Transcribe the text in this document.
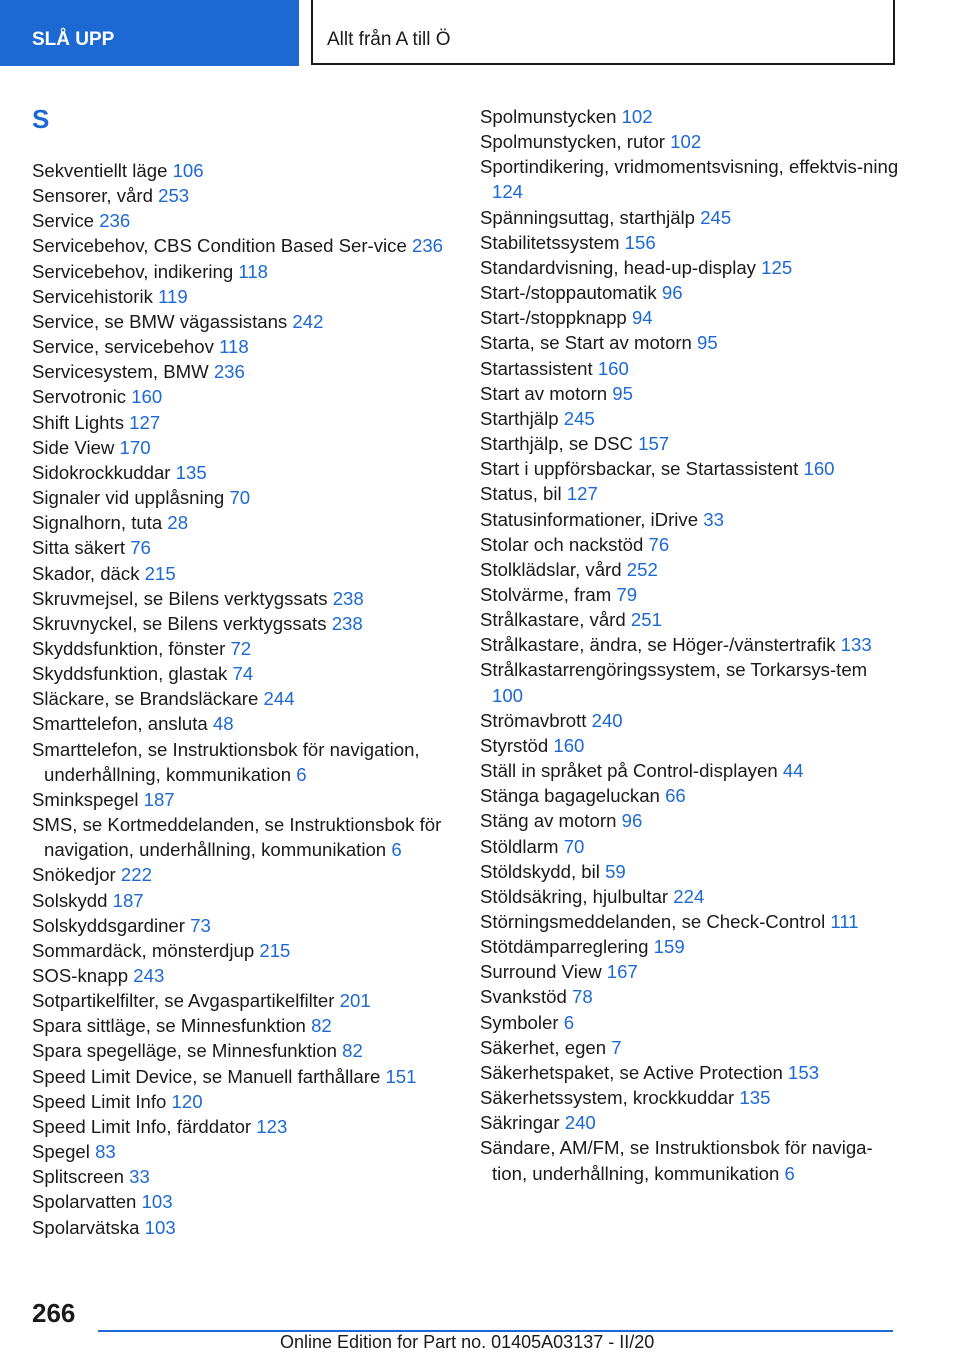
SLÅ UPP	Allt från A till Ö
S
Sekventiellt läge 106
Sensorer, vård 253
Service 236
Servicebehov, CBS Condition Based Ser‐vice 236
Servicebehov, indikering 118
Servicehistorik 119
Service, se BMW vägassistans 242
Service, servicebehov 118
Servicesystem, BMW 236
Servotronic 160
Shift Lights 127
Side View 170
Sidokrockkuddar 135
Signaler vid upplåsning 70
Signalhorn, tuta 28
Sitta säkert 76
Skador, däck 215
Skruvmejsel, se Bilens verktygssats 238
Skruvnyckel, se Bilens verktygssats 238
Skyddsfunktion, fönster 72
Skyddsfunktion, glastak 74
Släckare, se Brandsläckare 244
Smarttelefon, ansluta 48
Smarttelefon, se Instruktionsbok för navigation, underhållning, kommunikation 6
Sminkspegel 187
SMS, se Kortmeddelanden, se Instruktionsbok för navigation, underhållning, kommunikation 6
Snökedjor 222
Solskydd 187
Solskyddsgardiner 73
Sommardäck, mönsterdjup 215
SOS-knapp 243
Sotpartikelfilter, se Avgaspartikelfilter 201
Spara sittläge, se Minnesfunktion 82
Spara spegelläge, se Minnesfunktion 82
Speed Limit Device, se Manuell farthållare 151
Speed Limit Info 120
Speed Limit Info, färddator 123
Spegel 83
Splitscreen 33
Spolarvatten 103
Spolarvätska 103
Spolmunstycken 102
Spolmunstycken, rutor 102
Sportindikering, vridmomentsvisning, effektvis‐ning 124
Spänningsuttag, starthjälp 245
Stabilitetssystem 156
Standardvisning, head-up-display 125
Start-/stoppautomatik 96
Start-/stoppknapp 94
Starta, se Start av motorn 95
Startassistent 160
Start av motorn 95
Starthjälp 245
Starthjälp, se DSC 157
Start i uppförsbackar, se Startassistent 160
Status, bil 127
Statusinformationer, iDrive 33
Stolar och nackstöd 76
Stolklädslar, vård 252
Stolvärme, fram 79
Strålkastare, vård 251
Strålkastare, ändra, se Höger-/vänstertrafik 133
Strålkastarrengöringssystem, se Torkarsys‐tem 100
Strömavbrott 240
Styrstöd 160
Ställ in språket på Control-displayen 44
Stänga bagageluckan 66
Stäng av motorn 96
Stöldlarm 70
Stöldskydd, bil 59
Stöldsäkring, hjulbultar 224
Störningsmeddelanden, se Check-Control 111
Stötdämparreglering 159
Surround View 167
Svankstöd 78
Symboler 6
Säkerhet, egen 7
Säkerhetspaket, se Active Protection 153
Säkerhetssystem, krockkuddar 135
Säkringar 240
Sändare, AM/FM, se Instruktionsbok för naviga‐tion, underhållning, kommunikation 6
266
Online Edition for Part no. 01405A03137 - II/20
